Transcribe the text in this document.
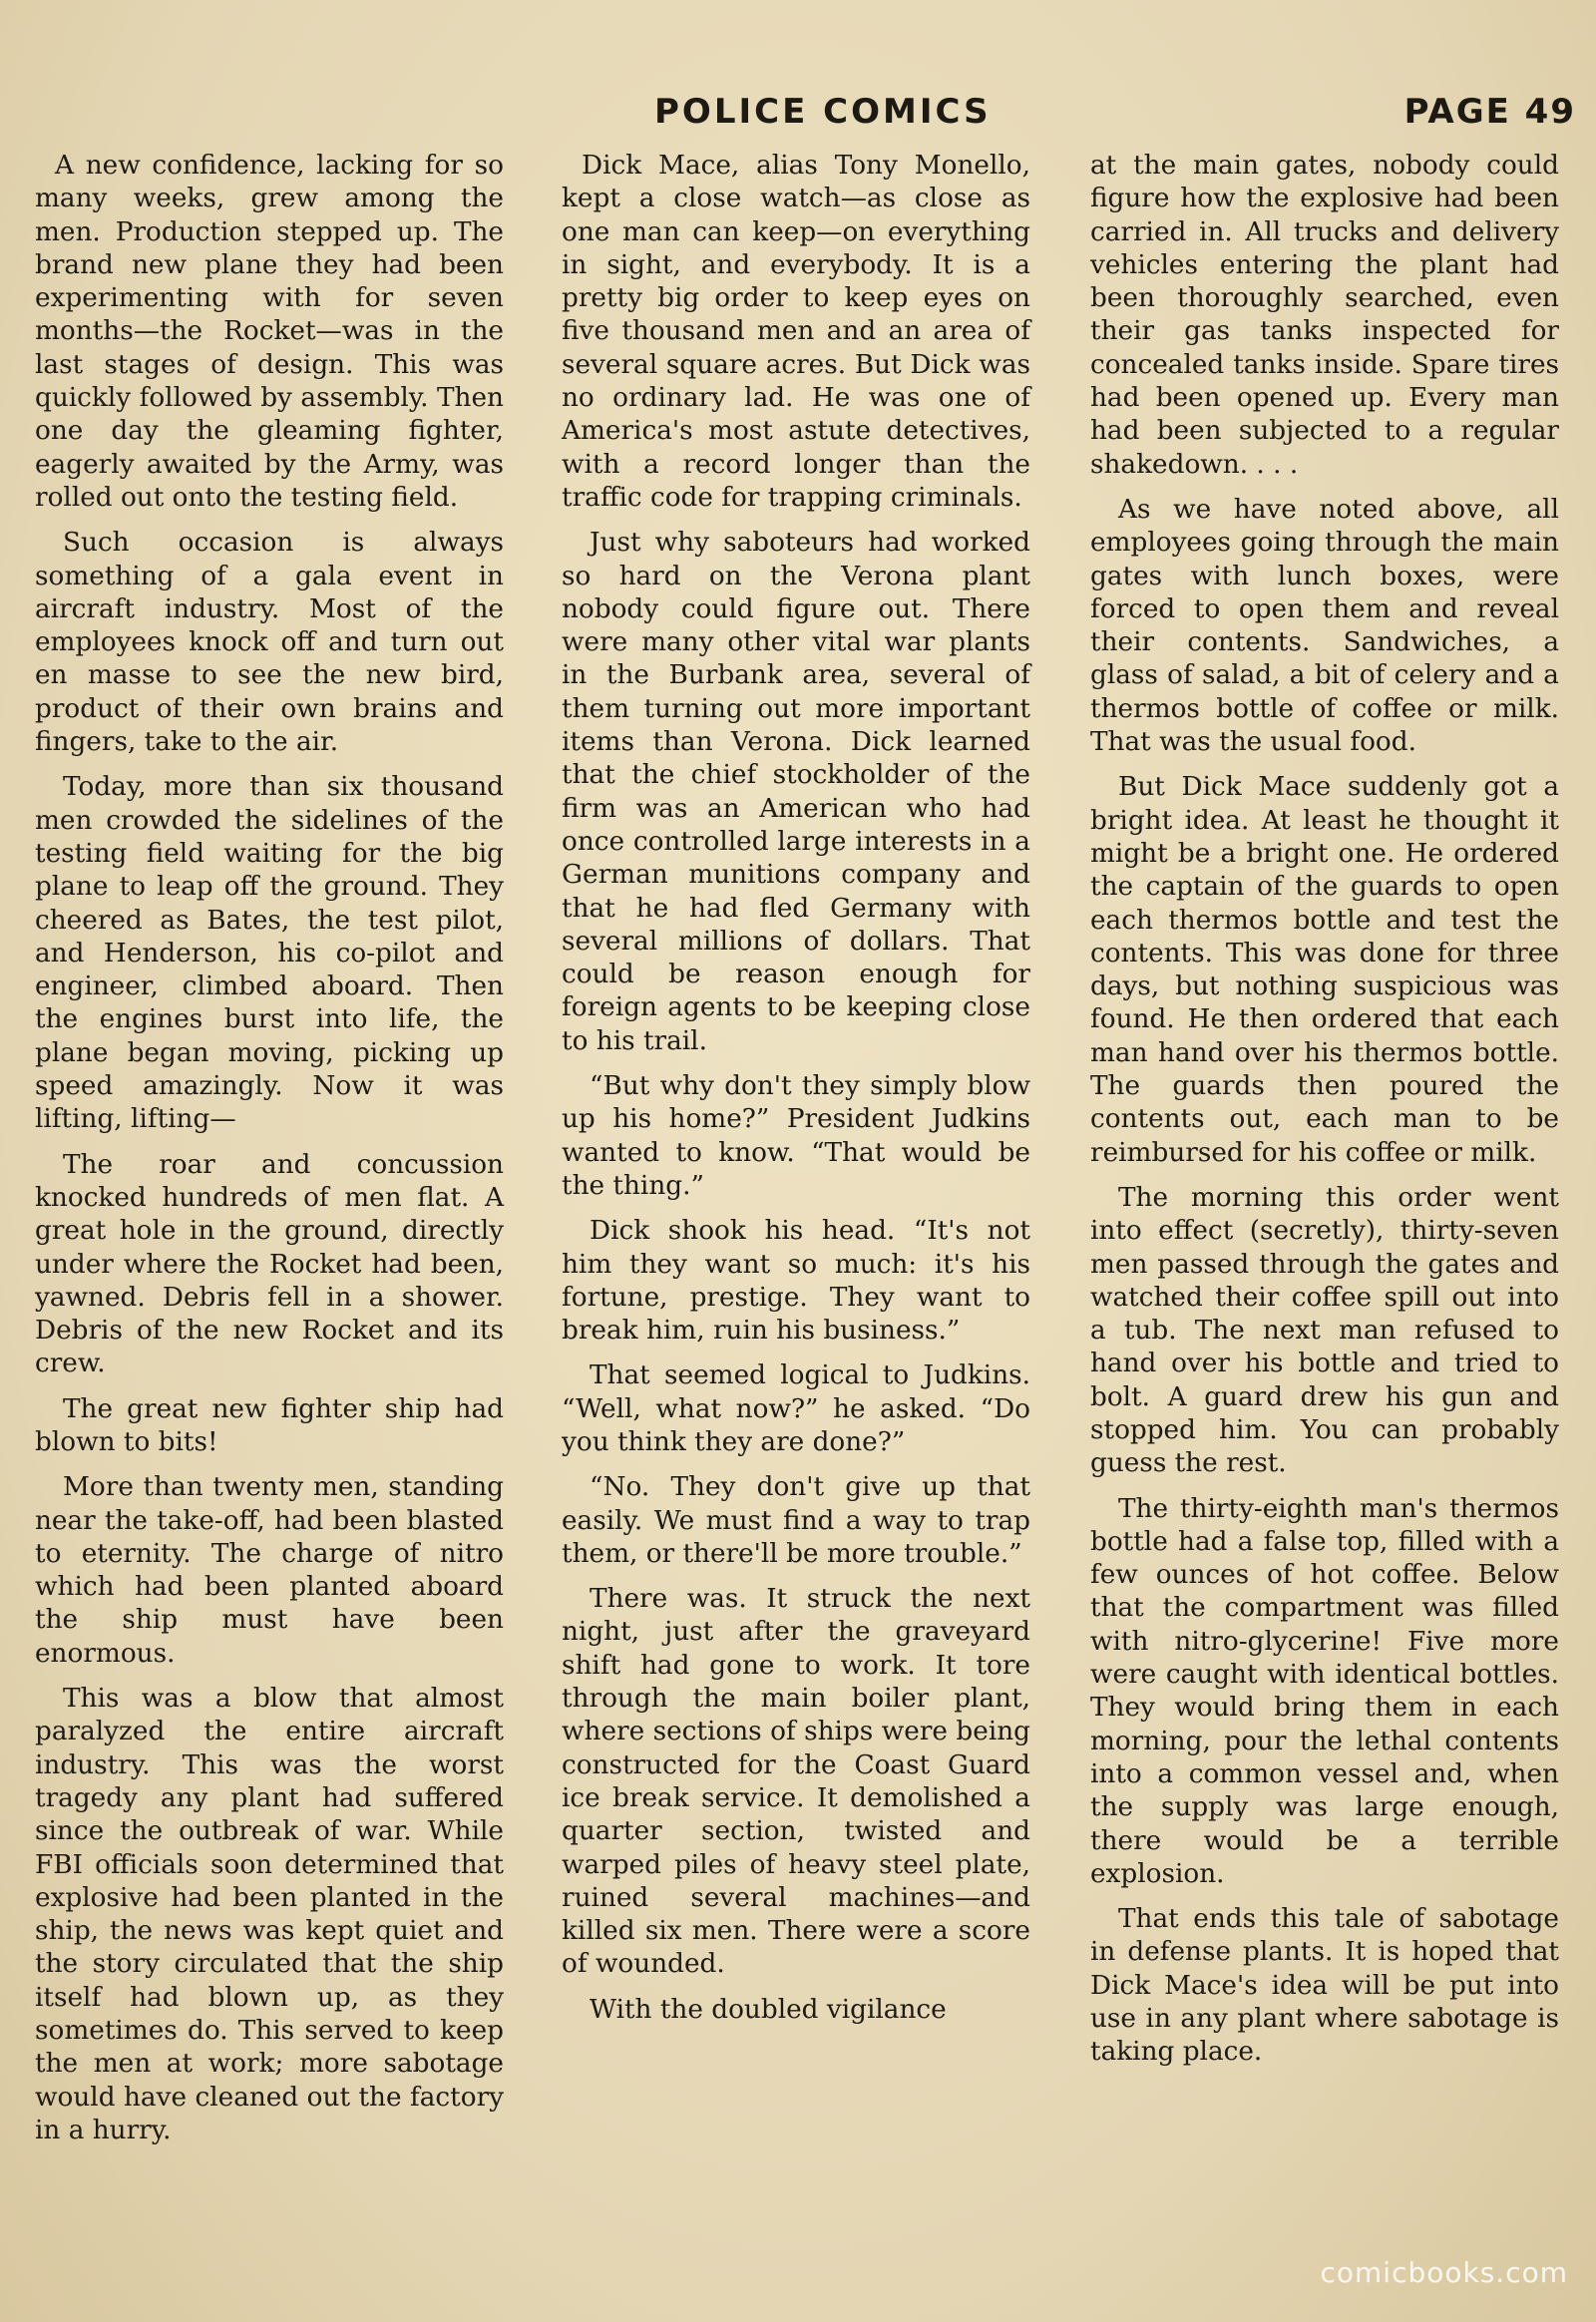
POLICE COMICS	PAGE 49

A new confidence, lacking for so many weeks, grew among the men. Production stepped up. The brand new plane they had been experimenting with for seven months—the Rocket—was in the last stages of design. This was quickly followed by assembly. Then one day the gleaming fighter, eagerly awaited by the Army, was rolled out onto the testing field.

Such occasion is always something of a gala event in aircraft industry. Most of the employees knock off and turn out en masse to see the new bird, product of their own brains and fingers, take to the air.

Today, more than six thousand men crowded the sidelines of the testing field waiting for the big plane to leap off the ground. They cheered as Bates, the test pilot, and Henderson, his co-pilot and engineer, climbed aboard. Then the engines burst into life, the plane began moving, picking up speed amazingly. Now it was lifting, lifting—

The roar and concussion knocked hundreds of men flat. A great hole in the ground, directly under where the Rocket had been, yawned. Debris fell in a shower. Debris of the new Rocket and its crew.

The great new fighter ship had blown to bits!

More than twenty men, standing near the take-off, had been blasted to eternity. The charge of nitro which had been planted aboard the ship must have been enormous.

This was a blow that almost paralyzed the entire aircraft industry. This was the worst tragedy any plant had suffered since the outbreak of war. While FBI officials soon determined that explosive had been planted in the ship, the news was kept quiet and the story circulated that the ship itself had blown up, as they sometimes do. This served to keep the men at work; more sabotage would have cleaned out the factory in a hurry.

Dick Mace, alias Tony Monello, kept a close watch—as close as one man can keep—on everything in sight, and everybody. It is a pretty big order to keep eyes on five thousand men and an area of several square acres. But Dick was no ordinary lad. He was one of America's most astute detectives, with a record longer than the traffic code for trapping criminals.

Just why saboteurs had worked so hard on the Verona plant nobody could figure out. There were many other vital war plants in the Burbank area, several of them turning out more important items than Verona. Dick learned that the chief stockholder of the firm was an American who had once controlled large interests in a German munitions company and that he had fled Germany with several millions of dollars. That could be reason enough for foreign agents to be keeping close to his trail.

“But why don't they simply blow up his home?” President Judkins wanted to know. “That would be the thing.”

Dick shook his head. “It's not him they want so much: it's his fortune, prestige. They want to break him, ruin his business.”

That seemed logical to Judkins. “Well, what now?” he asked. “Do you think they are done?”

“No. They don't give up that easily. We must find a way to trap them, or there'll be more trouble.”

There was. It struck the next night, just after the graveyard shift had gone to work. It tore through the main boiler plant, where sections of ships were being constructed for the Coast Guard ice break service. It demolished a quarter section, twisted and warped piles of heavy steel plate, ruined several machines—and killed six men. There were a score of wounded.

With the doubled vigilance

at the main gates, nobody could figure how the explosive had been carried in. All trucks and delivery vehicles entering the plant had been thoroughly searched, even their gas tanks inspected for concealed tanks inside. Spare tires had been opened up. Every man had been subjected to a regular shakedown. . . .

As we have noted above, all employees going through the main gates with lunch boxes, were forced to open them and reveal their contents. Sandwiches, a glass of salad, a bit of celery and a thermos bottle of coffee or milk. That was the usual food.

But Dick Mace suddenly got a bright idea. At least he thought it might be a bright one. He ordered the captain of the guards to open each thermos bottle and test the contents. This was done for three days, but nothing suspicious was found. He then ordered that each man hand over his thermos bottle. The guards then poured the contents out, each man to be reimbursed for his coffee or milk.

The morning this order went into effect (secretly), thirty-seven men passed through the gates and watched their coffee spill out into a tub. The next man refused to hand over his bottle and tried to bolt. A guard drew his gun and stopped him. You can probably guess the rest.

The thirty-eighth man's thermos bottle had a false top, filled with a few ounces of hot coffee. Below that the compartment was filled with nitro-glycerine! Five more were caught with identical bottles. They would bring them in each morning, pour the lethal contents into a common vessel and, when the supply was large enough, there would be a terrible explosion.

That ends this tale of sabotage in defense plants. It is hoped that Dick Mace's idea will be put into use in any plant where sabotage is taking place.

comicbooks.com
